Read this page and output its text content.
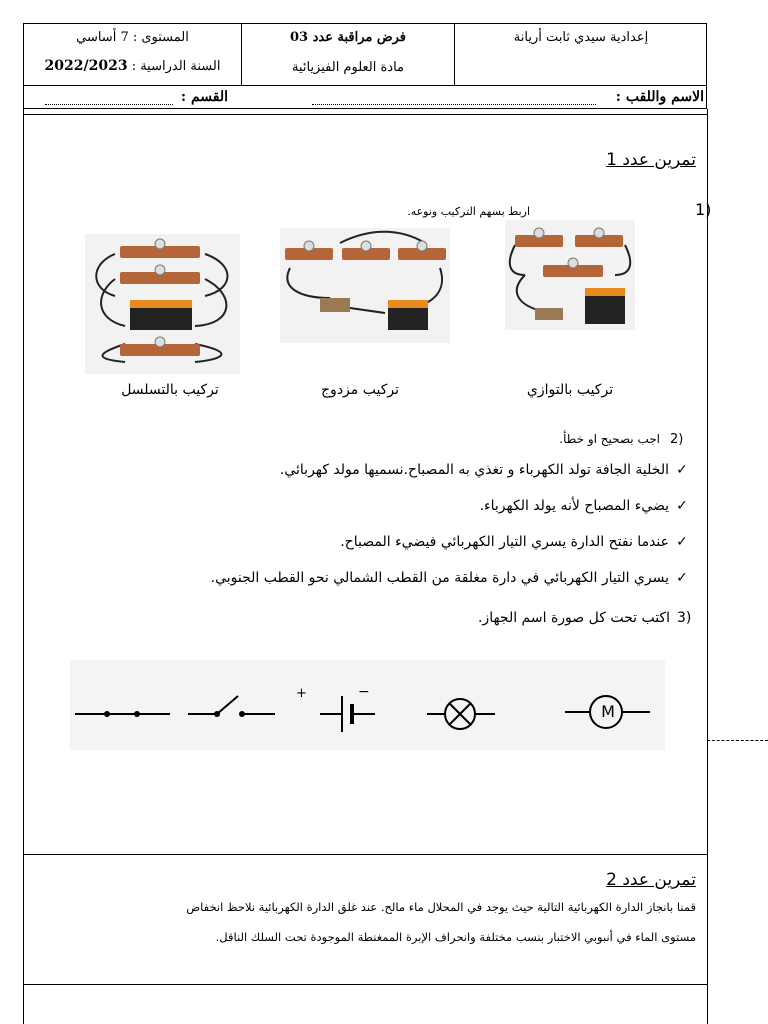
إعدادية سيدي ثابت أريانة
فرض مراقبة عدد 03
مادة العلوم الفيزيائية
المستوى : 7 أساسي
السنة الدراسية : 2022/2023
الاسم واللقب :
القسم :
تمرين عدد 1
اربط بسهم التركيب ونوعه.	1)
تركيب بالتوازي
تركيب مزدوج
تركيب بالتسلسل
اجب بصحيح او خطأ. 2)
✓
الخلية الجافة تولد الكهرباء و تغذي به المصباح.نسميها مولد كهربائي.
✓
يضيء المصباح لأنه يولد الكهرباء.
✓
عندما نفتح الدارة يسري التيار الكهربائي فيضيء المصباح.
✓
يسري التيار الكهربائي في دارة مغلقة من القطب الشمالي نحو القطب الجنوبي.
اكتب تحت كل صورة اسم الجهاز. 3)
+	−
M
تمرين عدد 2
قمنا بانجاز الدارة الكهربائية التالية حيث يوجد في المحلال ماء مالح. عند غلق الدارة الكهربائية نلاحظ انخفاض
مستوى الماء في أنبوبي الاختبار بنسب مختلفة وانحراف الإبرة الممغنطة الموجودة تحت السلك الناقل.
